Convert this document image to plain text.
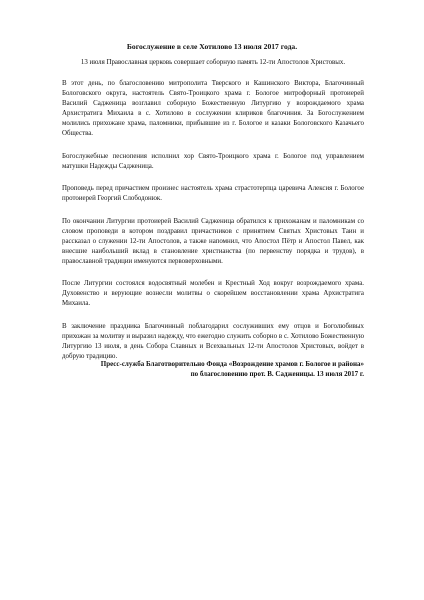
Богослужение в селе Хотилово 13 июля 2017 года.

13 июля Православная церковь совершает соборную память 12-ти Апостолов Христовых.

В этот день, по благословению митрополита Тверского и Кашинского Виктора, Благочинный Бологовского округа, настоятель Свято-Троицкого храма г. Бологое митрофорный протоиерей Василий Садженица возглавил соборную Божественную Литургию у возрождаемого храма Архистратига Михаила в с. Хотилово в сослужении клириков благочиния. За Богослужением молились прихожане храма, паломники, прибывшие из г. Бологое и казаки Бологовского Казачьего Общества.

Богослужебные песнопения исполнил хор Свято-Троицкого храма г. Бологое под управлением матушки Надежды Садженица.

Проповедь перед причастием произнес настоятель храма страстотерпца царевича Алексия г. Бологое протоиерей Георгий Слободонюк.

По окончании Литургии протоиерей Василий Садженица обратился к прихожанам и паломникам со словом проповеди в котором поздравил причастников с принятием Святых Христовых Таин и рассказал о служении 12-ти Апостолов, а также напомнил, что Апостол Пётр и Апостол Павел, как внесшие наибольший вклад в становление христианства (по первенству порядка и трудов), в православной традиции именуются первоверховными.

После Литургии состоялся водосвятный молебен и Крестный Ход вокруг возрождаемого храма. Духовенство и верующие вознесли молитвы о скорейшем восстановлении храма Архистратига Михаила.

В заключение праздника Благочинный поблагодарил сослуживших ему отцов и Боголюбивых прихожан за молитву и выразил надежду, что ежегодно служить соборно в с. Хотилово Божественную Литургию 13 июля, в день Собора Славных и Всехвальных 12-ти Апостолов Христовых, войдет в добрую традицию.

Пресс-служба Благотворительно Фонда «Возрождение храмов г. Бологое и района»
по благословению прот. В. Садженицы. 13 июля 2017 г.
